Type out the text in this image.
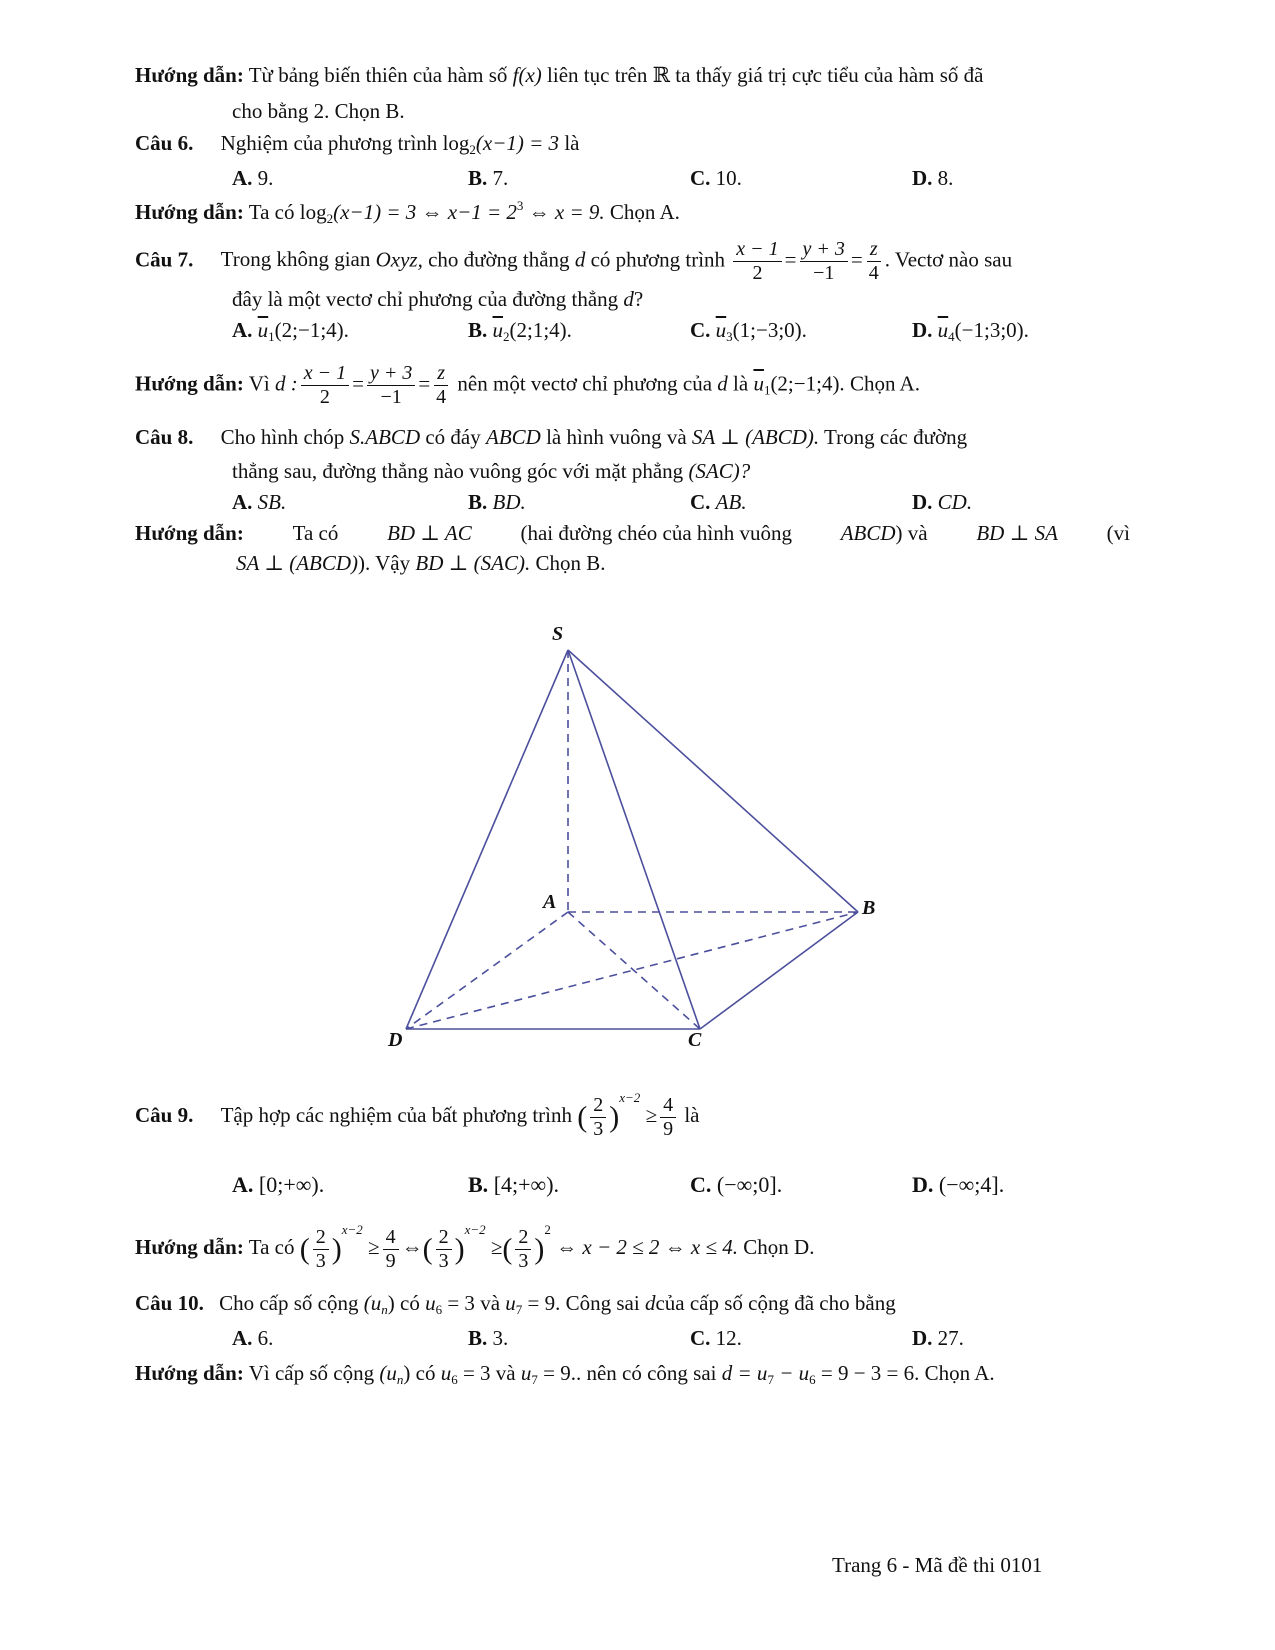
Hướng dẫn: Từ bảng biến thiên của hàm số f(x) liên tục trên ℝ ta thấy giá trị cực tiểu của hàm số đã
cho bằng 2. Chọn B.
Câu 6. Nghiệm của phương trình $\log_2(x-1) = 3$ là
A. 9.	B. 7.	C. 10.	D. 8.
Hướng dẫn: Ta có $\log_2(x-1) = 3$ ⇔ $x-1 = 2^3$ ⇔ x = 9. Chọn A.
Câu 7. Trong không gian Oxyz, cho đường thẳng d có phương trình $\frac{x - 1}{2} = \frac{y + 3}{-1} = \frac{z}{4}$ . Vectơ nào sau
đây là một vectơ chỉ phương của đường thẳng d?
A. $\overline{u}_1(2;-1;4)$.	B. $\overline{u}_2(2;1;4)$.	C. $\overline{u}_3(1;-3;0)$.	D. $\overline{u}_4(-1;3;0)$.
Hướng dẫn: Vì d : $\frac{x - 1}{2} = \frac{y + 3}{-1} = \frac{z}{4}$ nên một vectơ chỉ phương của d là $\overline{u}_1(2;-1;4)$. Chọn A.
Câu 8. Cho hình chóp S.ABCD có đáy ABCD là hình vuông và SA ⊥ (ABCD). Trong các đường
thẳng sau, đường thẳng nào vuông góc với mặt phẳng (SAC)?
A. SB.	B. BD.	C. AB.	D. CD.
Hướng dẫn: Ta có BD ⊥ AC (hai đường chéo của hình vuông ABCD) và BD ⊥ SA (vì
SA ⊥ (ABCD)). Vậy BD ⊥ (SAC). Chọn B.
S
A	B
C
D
Câu 9. Tập hợp các nghiệm của bất phương trình ( $\frac{2}{3} )^{x-2} \ge \frac{4}{9}$ là
A. [0;+∞).	B. [4;+∞).	C. (−∞;0].	D. (−∞;4].
Hướng dẫn: Ta có ( $\frac{2}{3} )^{x-2} \ge \frac{4}{9}$ ⇔( $\frac{2}{3} )^{x-2}$ ≥( $\frac{2}{3} )^2$ ⇔ x − 2 ≤ 2 ⇔ x ≤ 4. Chọn D.
Câu 10. Cho cấp số cộng $(u_n)$ có $u_6 = 3$ và $u_7 = 9$. Công sai dcủa cấp số cộng đã cho bằng
A. 6.	B. 3.	C. 12.	D. 27.
Hướng dẫn: Vì cấp số cộng $(u_n)$ có $u_6 = 3$ và $u_7 = 9$.. nên có công sai $d = u_7 - u_6 = 9 - 3 = 6$. Chọn A.
Trang 6 - Mã đề thi 0101
